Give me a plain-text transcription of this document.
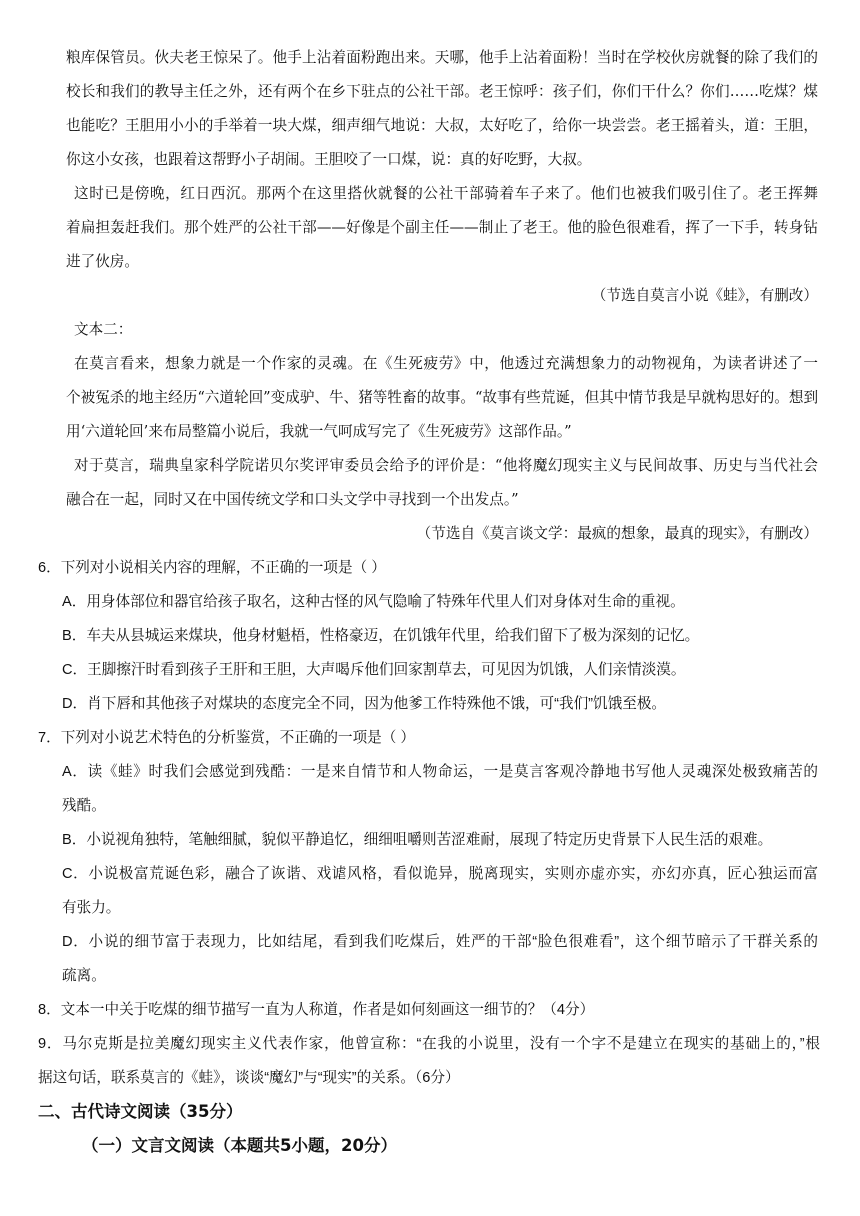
粮库保管员。伙夫老王惊呆了。他手上沾着面粉跑出来。天哪，他手上沾着面粉！当时在学校伙房就餐的除了我们的
校长和我们的教导主任之外，还有两个在乡下驻点的公社干部。老王惊呼：孩子们，你们干什么？你们……吃煤？煤
也能吃？王胆用小小的手举着一块大煤，细声细气地说：大叔，太好吃了，给你一块尝尝。老王摇着头，道：王胆，
你这小女孩，也跟着这帮野小子胡闹。王胆咬了一口煤，说：真的好吃野，大叔。
这时已是傍晚，红日西沉。那两个在这里搭伙就餐的公社干部骑着车子来了。他们也被我们吸引住了。老王挥舞
着扁担轰赶我们。那个姓严的公社干部——好像是个副主任——制止了老王。他的脸色很难看，挥了一下手，转身钻
进了伙房。
（节选自莫言小说《蛙》，有删改）
文本二：
在莫言看来，想象力就是一个作家的灵魂。在《生死疲劳》中，他透过充满想象力的动物视角，为读者讲述了一
个被冤杀的地主经历“六道轮回”变成驴、牛、猪等牲畜的故事。“故事有些荒诞，但其中情节我是早就构思好的。想到
用‘六道轮回’来布局整篇小说后，我就一气呵成写完了《生死疲劳》这部作品。”
对于莫言，瑞典皇家科学院诺贝尔奖评审委员会给予的评价是：“他将魔幻现实主义与民间故事、历史与当代社会
融合在一起，同时又在中国传统文学和口头文学中寻找到一个出发点。”
（节选自《莫言谈文学：最疯的想象，最真的现实》，有删改）
6．下列对小说相关内容的理解，不正确的一项是（ ）
A．用身体部位和器官给孩子取名，这种古怪的风气隐喻了特殊年代里人们对身体对生命的重视。
B．车夫从县城运来煤块，他身材魁梧，性格豪迈，在饥饿年代里，给我们留下了极为深刻的记忆。
C．王脚擦汗时看到孩子王肝和王胆，大声喝斥他们回家割草去，可见因为饥饿，人们亲情淡漠。
D．肖下唇和其他孩子对煤块的态度完全不同，因为他爹工作特殊他不饿，可“我们”饥饿至极。
7．下列对小说艺术特色的分析鉴赏，不正确的一项是（ ）
A．读《蛙》时我们会感觉到残酷：一是来自情节和人物命运，一是莫言客观冷静地书写他人灵魂深处极致痛苦的
残酷。
B．小说视角独特，笔触细腻，貌似平静追忆，细细咀嚼则苦涩难耐，展现了特定历史背景下人民生活的艰难。
C．小说极富荒诞色彩，融合了诙谐、戏谑风格，看似诡异，脱离现实，实则亦虚亦实，亦幻亦真，匠心独运而富
有张力。
D．小说的细节富于表现力，比如结尾，看到我们吃煤后，姓严的干部“脸色很难看”，这个细节暗示了干群关系的
疏离。
8．文本一中关于吃煤的细节描写一直为人称道，作者是如何刻画这一细节的？（4分）
9．马尔克斯是拉美魔幻现实主义代表作家，他曾宣称：“在我的小说里，没有一个字不是建立在现实的基础上的，”根
据这句话，联系莫言的《蛙》，谈谈“魔幻”与“现实”的关系。（6分）
二、古代诗文阅读（35分）
（一）文言文阅读（本题共5小题，20分）
